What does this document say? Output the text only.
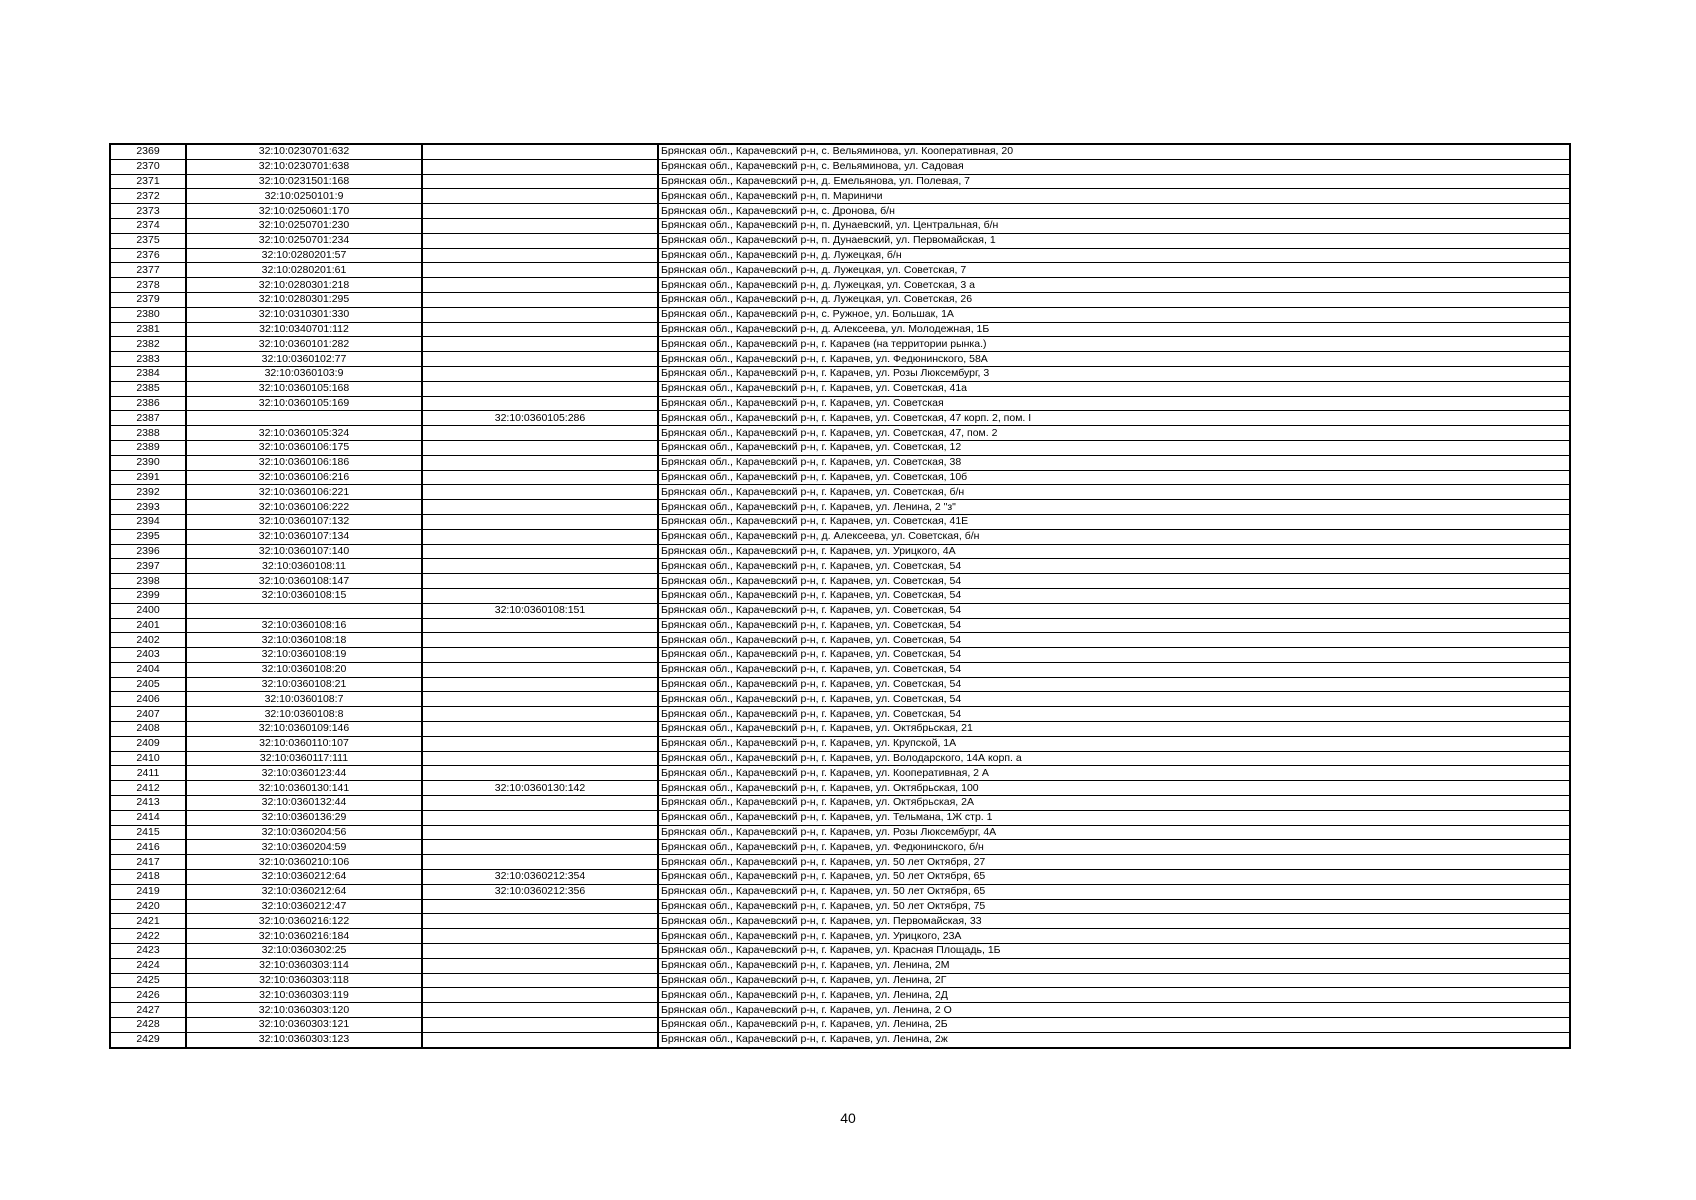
2369	32:10:0230701:632		Брянская обл., Карачевский р-н, с. Вельяминова, ул. Кооперативная, 20
2370	32:10:0230701:638		Брянская обл., Карачевский р-н, с. Вельяминова, ул. Садовая
2371	32:10:0231501:168		Брянская обл., Карачевский р-н, д. Емельянова, ул. Полевая, 7
2372	32:10:0250101:9		Брянская обл., Карачевский р-н, п. Мариничи
2373	32:10:0250601:170		Брянская обл., Карачевский р-н, с. Дронова, б/н
2374	32:10:0250701:230		Брянская обл., Карачевский р-н, п. Дунаевский, ул. Центральная, б/н
2375	32:10:0250701:234		Брянская обл., Карачевский р-н, п. Дунаевский, ул. Первомайская, 1
2376	32:10:0280201:57		Брянская обл., Карачевский р-н, д. Лужецкая, б/н
2377	32:10:0280201:61		Брянская обл., Карачевский р-н, д. Лужецкая, ул. Советская, 7
2378	32:10:0280301:218		Брянская обл., Карачевский р-н, д. Лужецкая, ул. Советская, 3 а
2379	32:10:0280301:295		Брянская обл., Карачевский р-н, д. Лужецкая, ул. Советская, 26
2380	32:10:0310301:330		Брянская обл., Карачевский р-н, с. Ружное, ул. Большак, 1А
2381	32:10:0340701:112		Брянская обл., Карачевский р-н, д. Алексеева, ул. Молодежная, 1Б
2382	32:10:0360101:282		Брянская обл., Карачевский р-н, г. Карачев (на территории рынка.)
2383	32:10:0360102:77		Брянская обл., Карачевский р-н, г. Карачев, ул. Федюнинского, 58А
2384	32:10:0360103:9		Брянская обл., Карачевский р-н, г. Карачев, ул. Розы Люксембург, 3
2385	32:10:0360105:168		Брянская обл., Карачевский р-н, г. Карачев, ул. Советская, 41а
2386	32:10:0360105:169		Брянская обл., Карачевский р-н, г. Карачев, ул. Советская
2387		32:10:0360105:286	Брянская обл., Карачевский р-н, г. Карачев, ул. Советская, 47 корп. 2, пом. I
2388	32:10:0360105:324		Брянская обл., Карачевский р-н, г. Карачев, ул. Советская, 47, пом. 2
2389	32:10:0360106:175		Брянская обл., Карачевский р-н, г. Карачев, ул. Советская, 12
2390	32:10:0360106:186		Брянская обл., Карачевский р-н, г. Карачев, ул. Советская, 38
2391	32:10:0360106:216		Брянская обл., Карачевский р-н, г. Карачев, ул. Советская, 10б
2392	32:10:0360106:221		Брянская обл., Карачевский р-н, г. Карачев, ул. Советская, б/н
2393	32:10:0360106:222		Брянская обл., Карачевский р-н, г. Карачев, ул. Ленина, 2 "з"
2394	32:10:0360107:132		Брянская обл., Карачевский р-н, г. Карачев, ул. Советская, 41Е
2395	32:10:0360107:134		Брянская обл., Карачевский р-н, д. Алексеева, ул. Советская, б/н
2396	32:10:0360107:140		Брянская обл., Карачевский р-н, г. Карачев, ул. Урицкого, 4А
2397	32:10:0360108:11		Брянская обл., Карачевский р-н, г. Карачев, ул. Советская, 54
2398	32:10:0360108:147		Брянская обл., Карачевский р-н, г. Карачев, ул. Советская, 54
2399	32:10:0360108:15		Брянская обл., Карачевский р-н, г. Карачев, ул. Советская, 54
2400		32:10:0360108:151	Брянская обл., Карачевский р-н, г. Карачев, ул. Советская, 54
2401	32:10:0360108:16		Брянская обл., Карачевский р-н, г. Карачев, ул. Советская, 54
2402	32:10:0360108:18		Брянская обл., Карачевский р-н, г. Карачев, ул. Советская, 54
2403	32:10:0360108:19		Брянская обл., Карачевский р-н, г. Карачев, ул. Советская, 54
2404	32:10:0360108:20		Брянская обл., Карачевский р-н, г. Карачев, ул. Советская, 54
2405	32:10:0360108:21		Брянская обл., Карачевский р-н, г. Карачев, ул. Советская, 54
2406	32:10:0360108:7		Брянская обл., Карачевский р-н, г. Карачев, ул. Советская, 54
2407	32:10:0360108:8		Брянская обл., Карачевский р-н, г. Карачев, ул. Советская, 54
2408	32:10:0360109:146		Брянская обл., Карачевский р-н, г. Карачев, ул. Октябрьская, 21
2409	32:10:0360110:107		Брянская обл., Карачевский р-н, г. Карачев, ул. Крупской, 1А
2410	32:10:0360117:111		Брянская обл., Карачевский р-н, г. Карачев, ул. Володарского, 14А корп. а
2411	32:10:0360123:44		Брянская обл., Карачевский р-н, г. Карачев, ул. Кооперативная, 2 А
2412	32:10:0360130:141	32:10:0360130:142	Брянская обл., Карачевский р-н, г. Карачев, ул. Октябрьская, 100
2413	32:10:0360132:44		Брянская обл., Карачевский р-н, г. Карачев, ул. Октябрьская, 2А
2414	32:10:0360136:29		Брянская обл., Карачевский р-н, г. Карачев, ул. Тельмана, 1Ж стр. 1
2415	32:10:0360204:56		Брянская обл., Карачевский р-н, г. Карачев, ул. Розы Люксембург, 4А
2416	32:10:0360204:59		Брянская обл., Карачевский р-н, г. Карачев, ул. Федюнинского, б/н
2417	32:10:0360210:106		Брянская обл., Карачевский р-н, г. Карачев, ул. 50 лет Октября, 27
2418	32:10:0360212:64	32:10:0360212:354	Брянская обл., Карачевский р-н, г. Карачев, ул. 50 лет Октября, 65
2419	32:10:0360212:64	32:10:0360212:356	Брянская обл., Карачевский р-н, г. Карачев, ул. 50 лет Октября, 65
2420	32:10:0360212:47		Брянская обл., Карачевский р-н, г. Карачев, ул. 50 лет Октября, 75
2421	32:10:0360216:122		Брянская обл., Карачевский р-н, г. Карачев, ул. Первомайская, 33
2422	32:10:0360216:184		Брянская обл., Карачевский р-н, г. Карачев, ул. Урицкого, 23А
2423	32:10:0360302:25		Брянская обл., Карачевский р-н, г. Карачев, ул. Красная Площадь, 1Б
2424	32:10:0360303:114		Брянская обл., Карачевский р-н, г. Карачев, ул. Ленина, 2М
2425	32:10:0360303:118		Брянская обл., Карачевский р-н, г. Карачев, ул. Ленина, 2Г
2426	32:10:0360303:119		Брянская обл., Карачевский р-н, г. Карачев, ул. Ленина, 2Д
2427	32:10:0360303:120		Брянская обл., Карачевский р-н, г. Карачев, ул. Ленина, 2 О
2428	32:10:0360303:121		Брянская обл., Карачевский р-н, г. Карачев, ул. Ленина, 2Б
2429	32:10:0360303:123		Брянская обл., Карачевский р-н, г. Карачев, ул. Ленина, 2ж
40
